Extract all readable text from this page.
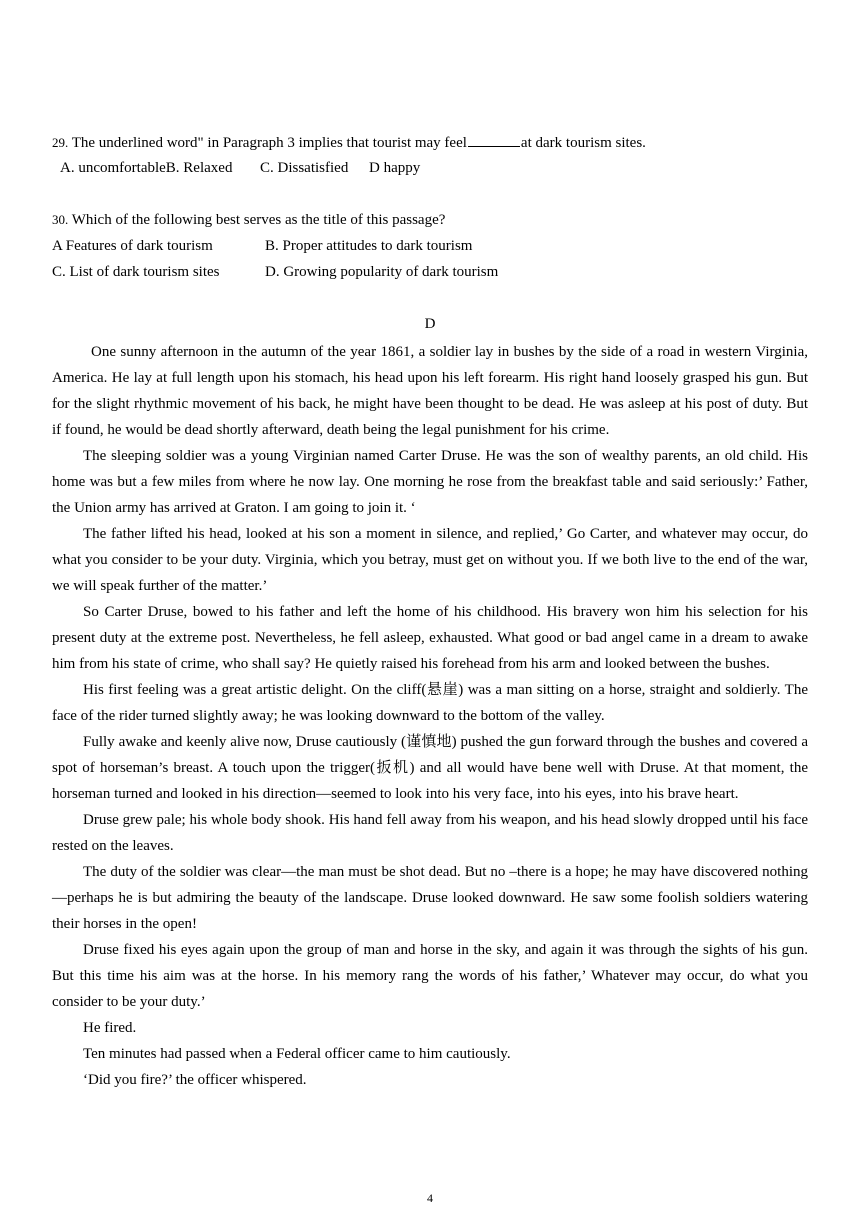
29. The underlined word" in Paragraph 3 implies that tourist may feel	at dark tourism sites.
A. uncomfortableB. Relaxed C. Dissatisfied D happy
30. Which of the following best serves as the title of this passage?
A Features of dark tourism	B. Proper attitudes to dark tourism
C. List of dark tourism sites	D. Growing popularity of dark tourism
D

One sunny afternoon in the autumn of the year 1861, a soldier lay in bushes by the side of a road in western Virginia, America. He lay at full length upon his stomach, his head upon his left forearm. His right hand loosely grasped his gun. But for the slight rhythmic movement of his back, he might have been thought to be dead. He was asleep at his post of duty. But if found, he would be dead shortly afterward, death being the legal punishment for his crime.

The sleeping soldier was a young Virginian named Carter Druse. He was the son of wealthy parents, an old child. His home was but a few miles from where he now lay. One morning he rose from the breakfast table and said seriously:’ Father, the Union army has arrived at Graton. I am going to join it. ‘

The father lifted his head, looked at his son a moment in silence, and replied,’ Go Carter, and whatever may occur, do what you consider to be your duty. Virginia, which you betray, must get on without you. If we both live to the end of the war, we will speak further of the matter.’

So Carter Druse, bowed to his father and left the home of his childhood. His bravery won him his selection for his present duty at the extreme post. Nevertheless, he fell asleep, exhausted. What good or bad angel came in a dream to awake him from his state of crime, who shall say? He quietly raised his forehead from his arm and looked between the bushes.

His first feeling was a great artistic delight. On the cliff(悬崖) was a man sitting on a horse, straight and soldierly. The face of the rider turned slightly away; he was looking downward to the bottom of the valley.

Fully awake and keenly alive now, Druse cautiously (谨慎地) pushed the gun forward through the bushes and covered a spot of horseman’s breast. A touch upon the trigger(扳机) and all would have bene well with Druse. At that moment, the horseman turned and looked in his direction—seemed to look into his very face, into his eyes, into his brave heart.

Druse grew pale; his whole body shook. His hand fell away from his weapon, and his head slowly dropped until his face rested on the leaves.

The duty of the soldier was clear—the man must be shot dead. But no –there is a hope; he may have discovered nothing—perhaps he is but admiring the beauty of the landscape. Druse looked downward. He saw some foolish soldiers watering their horses in the open!

Druse fixed his eyes again upon the group of man and horse in the sky, and again it was through the sights of his gun. But this time his aim was at the horse. In his memory rang the words of his father,’ Whatever may occur, do what you consider to be your duty.’

He fired.

Ten minutes had passed when a Federal officer came to him cautiously.

‘Did you fire?’ the officer whispered.

4
